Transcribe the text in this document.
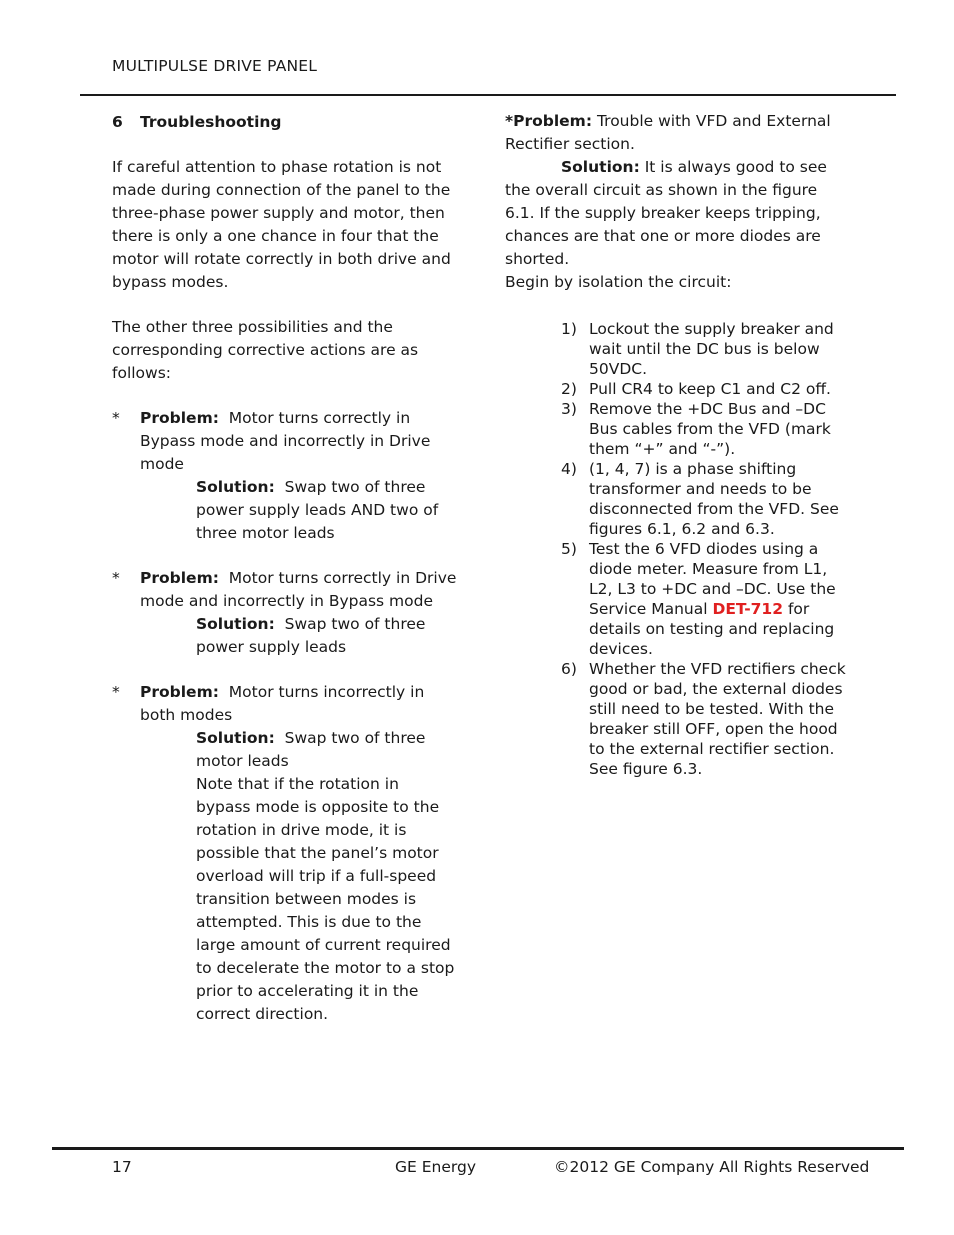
MULTIPULSE DRIVE PANEL

6 Troubleshooting

If careful attention to phase rotation is not made during connection of the panel to the three-phase power supply and motor, then there is only a one chance in four that the motor will rotate correctly in both drive and bypass modes.

The other three possibilities and the corresponding corrective actions are as follows:

* Problem: Motor turns correctly in Bypass mode and incorrectly in Drive mode

Solution: Swap two of three power supply leads AND two of three motor leads

* Problem: Motor turns correctly in Drive mode and incorrectly in Bypass mode

Solution: Swap two of three power supply leads

* Problem: Motor turns incorrectly in both modes

Solution: Swap two of three motor leads

Note that if the rotation in bypass mode is opposite to the rotation in drive mode, it is possible that the panel’s motor overload will trip if a full-speed transition between modes is attempted. This is due to the large amount of current required to decelerate the motor to a stop prior to accelerating it in the correct direction.

*Problem: Trouble with VFD and External Rectifier section.

Solution: It is always good to see the overall circuit as shown in the figure 6.1. If the supply breaker keeps tripping, chances are that one or more diodes are shorted.

Begin by isolation the circuit:

1) Lockout the supply breaker and wait until the DC bus is below 50VDC.
2) Pull CR4 to keep C1 and C2 off.
3) Remove the +DC Bus and –DC Bus cables from the VFD (mark them “+” and “-”).
4) (1, 4, 7) is a phase shifting transformer and needs to be disconnected from the VFD. See figures 6.1, 6.2 and 6.3.
5) Test the 6 VFD diodes using a diode meter. Measure from L1, L2, L3 to +DC and –DC. Use the Service Manual DET-712 for details on testing and replacing devices.
6) Whether the VFD rectifiers check good or bad, the external diodes still need to be tested. With the breaker still OFF, open the hood to the external rectifier section. See figure 6.3.
17	GE Energy	©2012 GE Company All Rights Reserved
